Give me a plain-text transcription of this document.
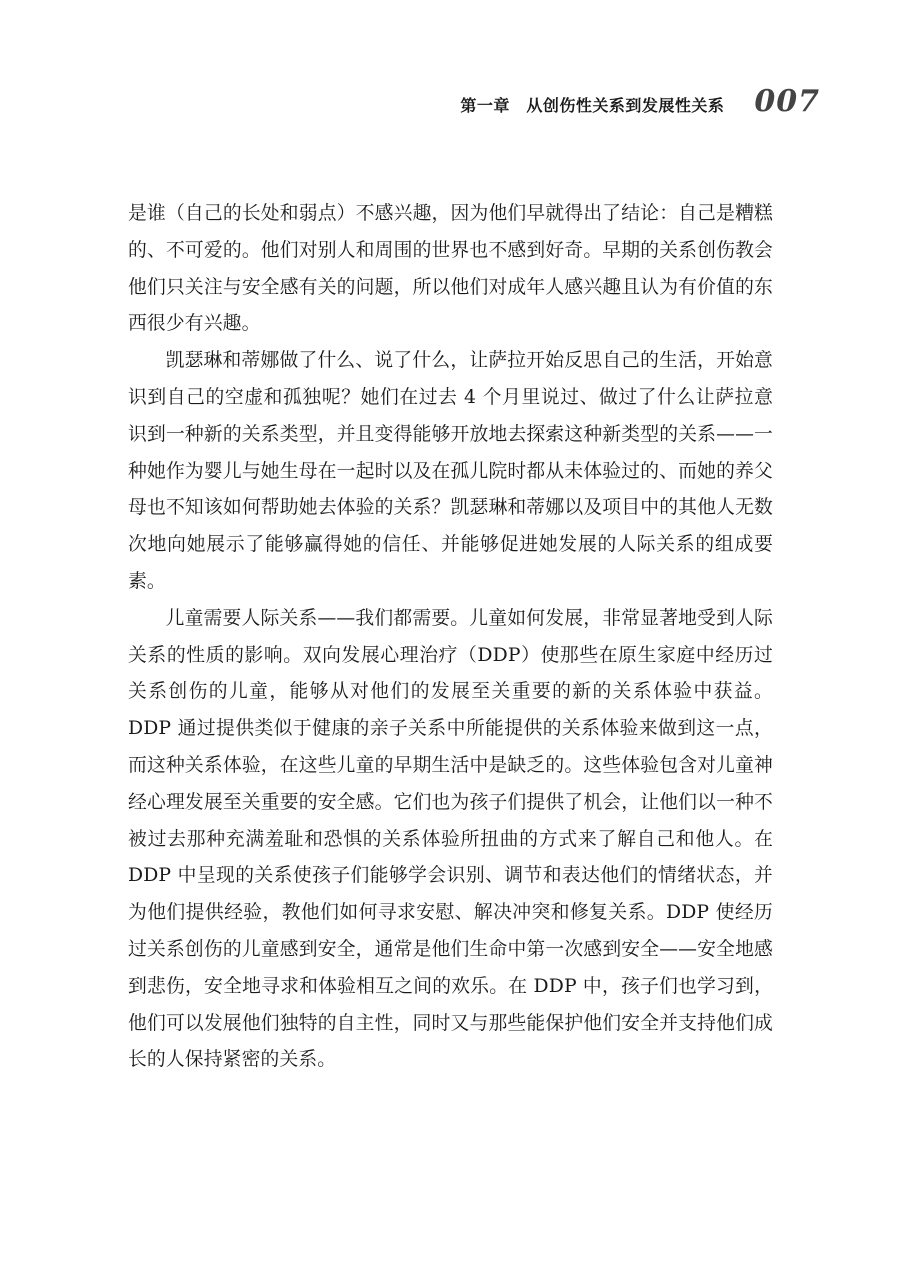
第一章　从创伤性关系到发展性关系 007

是谁（自己的长处和弱点）不感兴趣，因为他们早就得出了结论：自己是糟糕的、不可爱的。他们对别人和周围的世界也不感到好奇。早期的关系创伤教会他们只关注与安全感有关的问题，所以他们对成年人感兴趣且认为有价值的东西很少有兴趣。

凯瑟琳和蒂娜做了什么、说了什么，让萨拉开始反思自己的生活，开始意识到自己的空虚和孤独呢？她们在过去 4 个月里说过、做过了什么让萨拉意识到一种新的关系类型，并且变得能够开放地去探索这种新类型的关系——一种她作为婴儿与她生母在一起时以及在孤儿院时都从未体验过的、而她的养父母也不知该如何帮助她去体验的关系？凯瑟琳和蒂娜以及项目中的其他人无数次地向她展示了能够赢得她的信任、并能够促进她发展的人际关系的组成要素。

儿童需要人际关系——我们都需要。儿童如何发展，非常显著地受到人际关系的性质的影响。双向发展心理治疗（DDP）使那些在原生家庭中经历过关系创伤的儿童，能够从对他们的发展至关重要的新的关系体验中获益。DDP 通过提供类似于健康的亲子关系中所能提供的关系体验来做到这一点，而这种关系体验，在这些儿童的早期生活中是缺乏的。这些体验包含对儿童神经心理发展至关重要的安全感。它们也为孩子们提供了机会，让他们以一种不被过去那种充满羞耻和恐惧的关系体验所扭曲的方式来了解自己和他人。在 DDP 中呈现的关系使孩子们能够学会识别、调节和表达他们的情绪状态，并为他们提供经验，教他们如何寻求安慰、解决冲突和修复关系。DDP 使经历过关系创伤的儿童感到安全，通常是他们生命中第一次感到安全——安全地感到悲伤，安全地寻求和体验相互之间的欢乐。在 DDP 中，孩子们也学习到，他们可以发展他们独特的自主性，同时又与那些能保护他们安全并支持他们成长的人保持紧密的关系。
